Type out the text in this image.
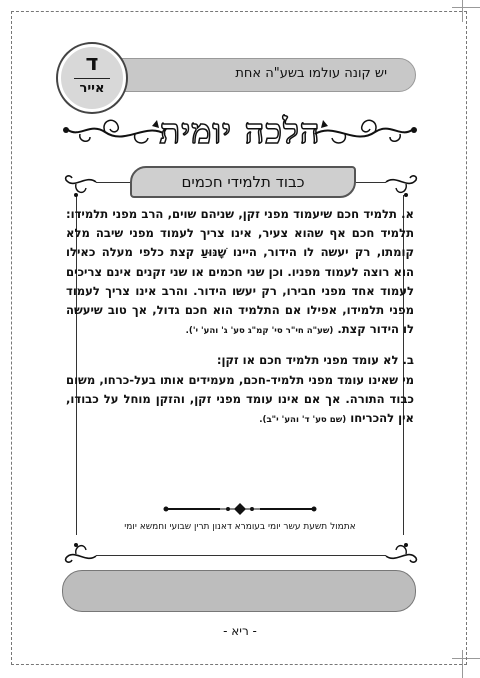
יש קונה עולמו בשע"ה אחת
ד
אייר
הלכה יומית
כבוד תלמידי חכמים

א. תלמיד חכם שיעמוד מפני זקן, שניהם שוים, הרב מפני תלמידו: תלמיד חכם אף שהוא צעיר, אינו צריך לעמוד מפני שיבה מלא קומתו, רק יעשה לו הידור, היינו שָׁנּוּעַ קצת כלפי מעלה כאילו הוא רוצה לעמוד מפניו. וכן שני חכמים או שני זקנים אינם צריכים לעמוד אחד מפני חבירו, רק יעשו הידור. והרב אינו צריך לעמוד מפני תלמידו, אפילו אם התלמיד הוא חכם גדול, אך טוב שיעשה לו הידור קצת. (שע"ה חי"ר סי' קמ"ג סע' ג' והע' י').

ב. לא עומד מפני תלמיד חכם או זקן:
מי שאינו עומד מפני תלמיד-חכם, מעמידים אותו בעל-כרחו, משום כבוד התורה. אך אם אינו עומד מפני זקן, והזקן מוחל על כבודו, אין להכריחו (שם סע' ד' והע' י"ב).

אתמול תשעת עשר יומי בעומרא דאנון תרין שבועי וחמשא יומי
- ריא -
